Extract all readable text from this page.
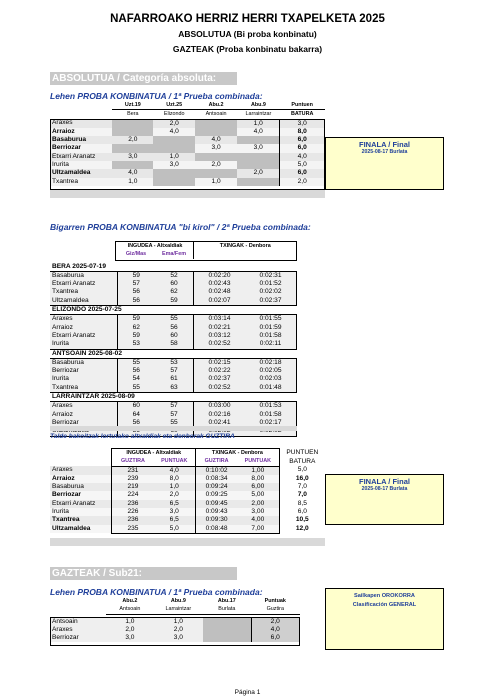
NAFARROAKO HERRIZ HERRI TXAPELKETA 2025
ABSOLUTUA (Bi proba konbinatu)
GAZTEAK (Proba konbinatu bakarra)
ABSOLUTUA / Categoría absoluta:
Lehen PROBA KONBINATUA / 1ª Prueba combinada:
	Uzt.19	Uzt.25	Abu.2	Abu.9	Puntuen
	Bera	Elizondo	Antsoain	Larraintzar	BATURA
Araxes		2,0		1,0	3,0
Arraioz		4,0		4,0	8,0
Basaburua	2,0		4,0		6,0
Berriozar			3,0	3,0	6,0
Etxarri Aranatz	3,0	1,0			4,0
Irurita		3,0	2,0		5,0
Ultzamaldea	4,0			2,0	6,0
Txantrea	1,0		1,0		2,0
FINALA / Final
2025-08-17 Burlata
Bigarren PROBA KONBINATUA "bi kirol" / 2ª Prueba combinada:
	INGUDEA - Altxaldiak		TXINGAK - Denbora	
	Giz/Mas	Ema/Fem		

BERA 2025-07-19				
Basaburua	59	52	0:02:20	0:02:31
Etxarri Aranatz	57	60	0:02:43	0:01:52
Txantrea	56	62	0:02:48	0:02:02
Ultzamaldea	56	59	0:02:07	0:02:37
ELIZONDO 2025-07-25				
Araxes	59	55	0:03:14	0:01:55
Arraioz	62	56	0:02:21	0:01:59
Etxarri Aranatz	59	60	0:03:12	0:01:58
Irurita	53	58	0:02:52	0:02:11
ANTSOAIN 2025-08-02				
Basaburua	55	53	0:02:15	0:02:18
Berriozar	56	57	0:02:22	0:02:05
Irurita	54	61	0:02:37	0:02:03
Txantrea	55	63	0:02:52	0:01:48
LARRAINTZAR 2025-08-09				
Araxes	60	57	0:03:00	0:01:53
Arraioz	64	57	0:02:16	0:01:58
Berriozar	56	55	0:02:41	0:02:17

Talde bakoitzak lortutako altxaldiak eta denborak GUZTIRA
	INGUDEA - Altxaldiak		TXINGAK - Denbora		PUNTUEN
	GUZTIRA	PUNTUAK	GUZTIRA	PUNTUAK	BATURA
Araxes	231	4,0	0:10:02	1,00	5,0
Arraioz	239	8,0	0:08:34	8,00	16,0
Basaburua	219	1,0	0:09:24	6,00	7,0
Berriozar	224	2,0	0:09:25	5,00	7,0
Etxarri Aranatz	236	6,5	0:09:45	2,00	8,5
Irurita	226	3,0	0:09:43	3,00	6,0
Txantrea	236	6,5	0:09:30	4,00	10,5
Ultzamaldea	235	5,0	0:08:48	7,00	12,0
FINALA / Final
2025-08-17 Burlata
GAZTEAK / Sub21:
Lehen PROBA KONBINATUA / 1ª Prueba combinada:
	Abu.2	Abu.9	Abu.17	Puntuak
	Antsoain	Larraintzar	Burlata	Guztira

Antsoain	1,0	1,0		2,0
Araxes	2,0	2,0		4,0
Berriozar	3,0	3,0		6,0
Sailkapen OROKORRA
Clasificación GENERAL
Página 1
